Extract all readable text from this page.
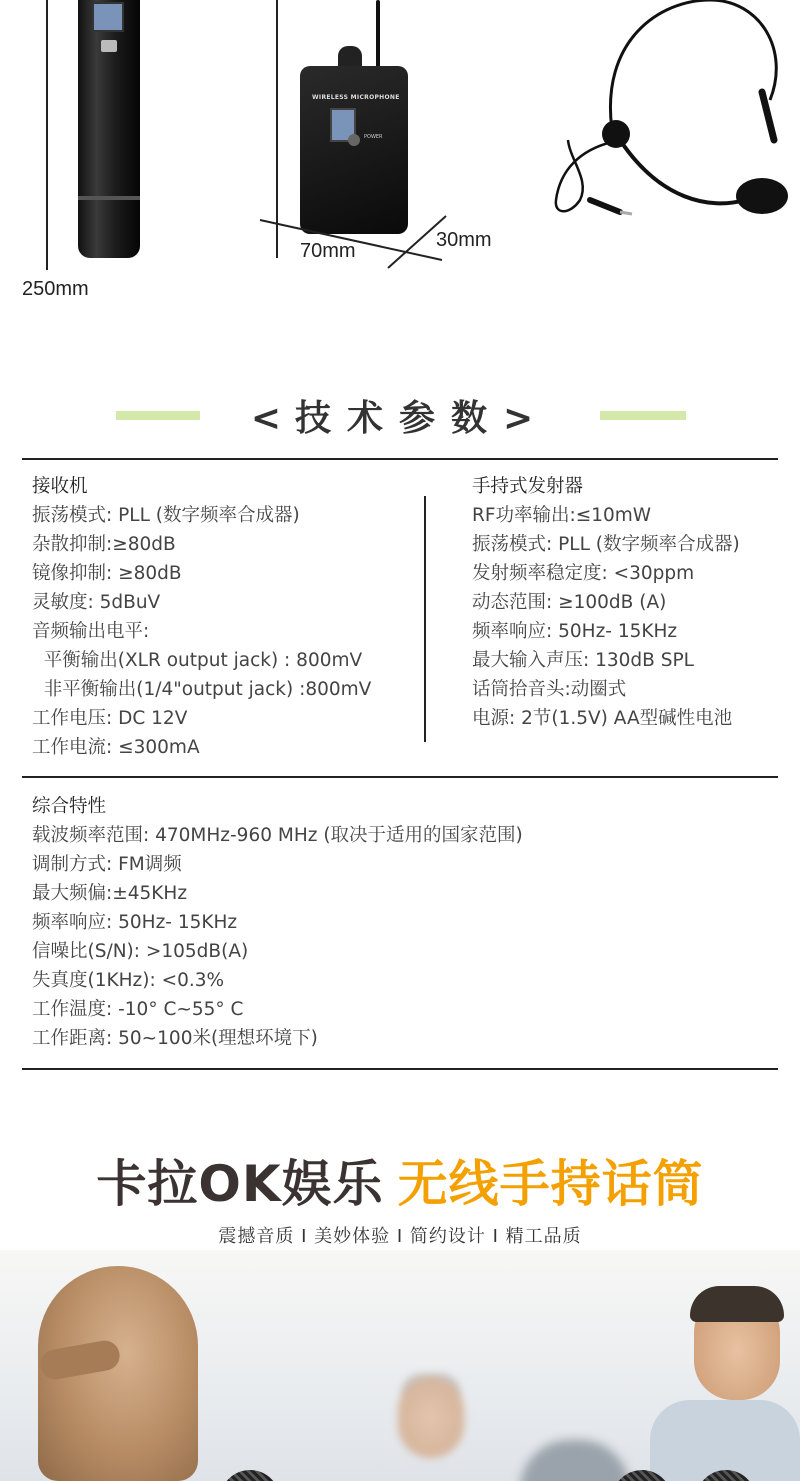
250mm
WIRELESS MICROPHONE
POWER
70mm	30mm
<技术参数>
接收机
振荡模式: PLL (数字频率合成器)
杂散抑制:≥80dB
镜像抑制: ≥80dB
灵敏度: 5dBuV
音频输出电平:
平衡输出(XLR output jack) : 800mV
非平衡输出(1/4"output jack) :800mV
工作电压: DC 12V
工作电流: ≤300mA
手持式发射器
RF功率输出:≤10mW
振荡模式: PLL (数字频率合成器)
发射频率稳定度: <30ppm
动态范围: ≥100dB (A)
频率响应: 50Hz- 15KHz
最大输入声压: 130dB SPL
话筒拾音头:动圈式
电源: 2节(1.5V) AA型碱性电池
综合特性
载波频率范围: 470MHz-960 MHz (取决于适用的国家范围)
调制方式: FM调频
最大频偏:±45KHz
频率响应: 50Hz- 15KHz
信噪比(S/N): >105dB(A)
失真度(1KHz): <0.3%
工作温度: -10° C~55° C
工作距离: 50~100米(理想环境下)
卡拉OK娱乐 无线手持话筒
震撼音质 I 美妙体验 I 简约设计 I 精工品质
